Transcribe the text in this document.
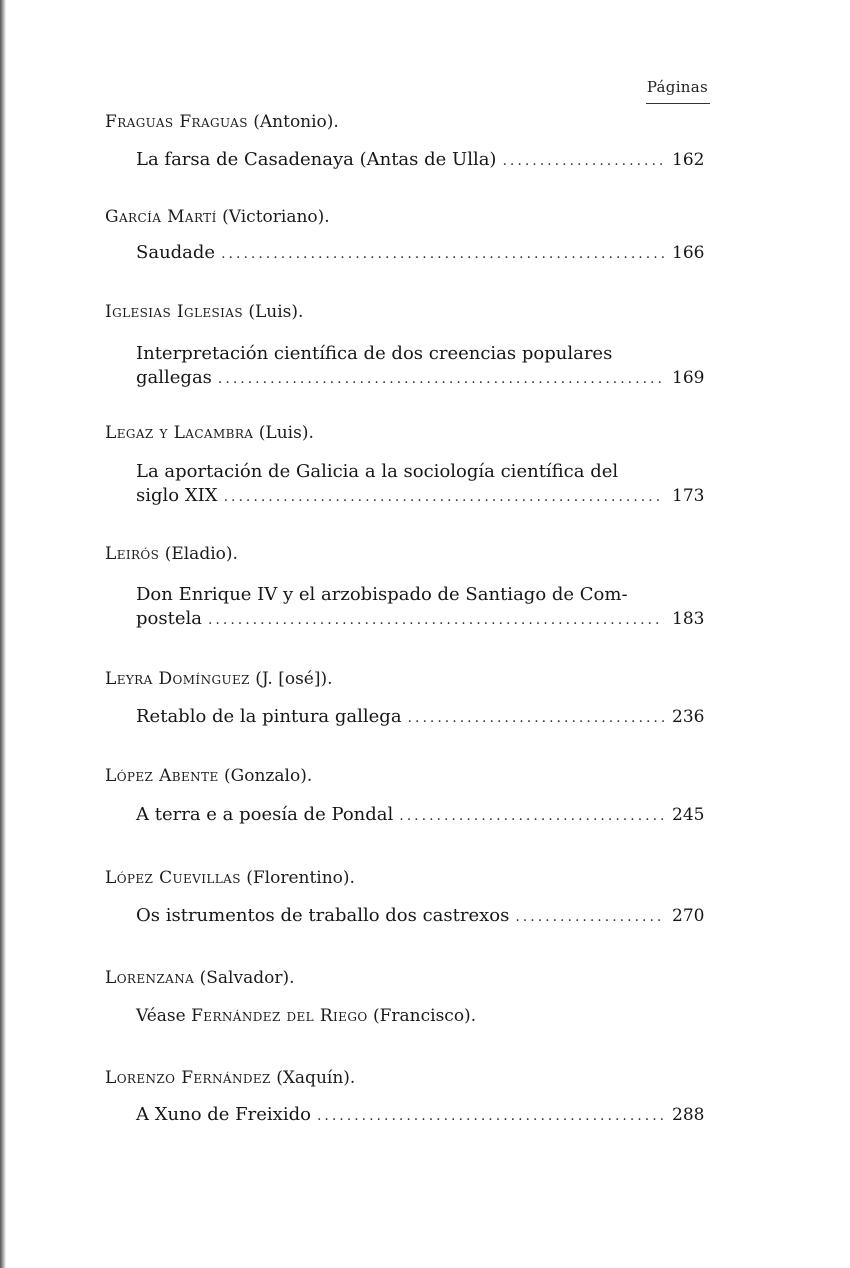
Páginas
Fraguas Fraguas (Antonio).
La farsa de Casadenaya (Antas de Ulla) .....	162
García Martí (Victoriano).
Saudade .....	166
Iglesias Iglesias (Luis).
Interpretación científica de dos creencias populares
gallegas .....	169
Legaz y Lacambra (Luis).
La aportación de Galicia a la sociología científica del
siglo XIX .....	173
Leirós (Eladio).
Don Enrique IV y el arzobispado de Santiago de Com-
postela .....	183
Leyra Domínguez (J. [osé]).
Retablo de la pintura gallega .....	236
López Abente (Gonzalo).
A terra e a poesía de Pondal .....	245
López Cuevillas (Florentino).
Os istrumentos de traballo dos castrexos .....	270
Lorenzana (Salvador).
Véase Fernández del Riego (Francisco).
Lorenzo Fernández (Xaquín).
A Xuno de Freixido .....	288
